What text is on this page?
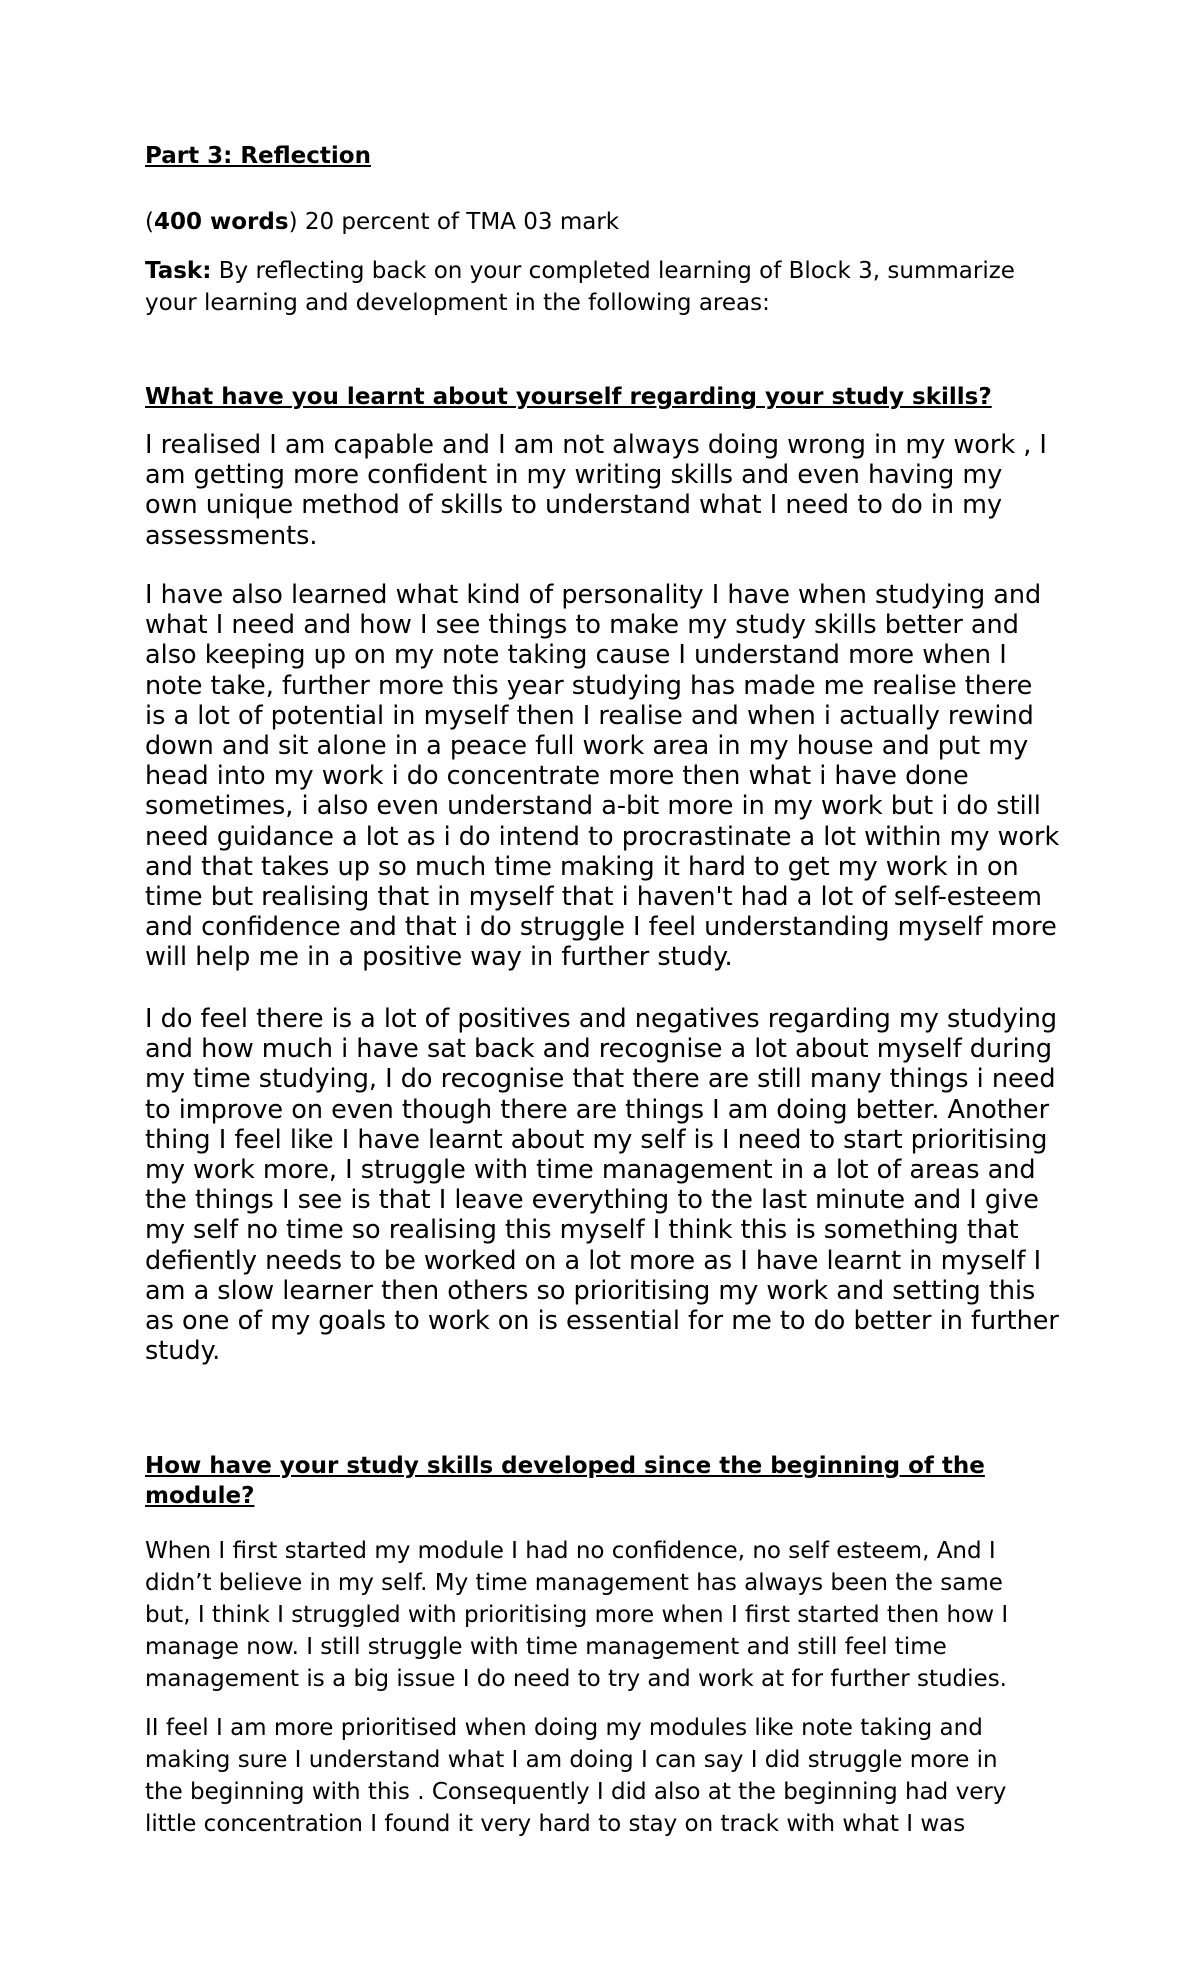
Part 3: Reflection

(400 words) 20 percent of TMA 03 mark

Task: By reflecting back on your completed learning of Block 3, summarize
your learning and development in the following areas:

What have you learnt about yourself regarding your study skills?

I realised I am capable and I am not always doing wrong in my work , I
am getting more confident in my writing skills and even having my
own unique method of skills to understand what I need to do in my
assessments.

I have also learned what kind of personality I have when studying and
what I need and how I see things to make my study skills better and
also keeping up on my note taking cause I understand more when I
note take, further more this year studying has made me realise there
is a lot of potential in myself then I realise and when i actually rewind
down and sit alone in a peace full work area in my house and put my
head into my work i do concentrate more then what i have done
sometimes, i also even understand a-bit more in my work but i do still
need guidance a lot as i do intend to procrastinate a lot within my work
and that takes up so much time making it hard to get my work in on
time but realising that in myself that i haven't had a lot of self-esteem
and confidence and that i do struggle I feel understanding myself more
will help me in a positive way in further study.

I do feel there is a lot of positives and negatives regarding my studying
and how much i have sat back and recognise a lot about myself during
my time studying, I do recognise that there are still many things i need
to improve on even though there are things I am doing better. Another
thing I feel like I have learnt about my self is I need to start prioritising
my work more, I struggle with time management in a lot of areas and
the things I see is that I leave everything to the last minute and I give
my self no time so realising this myself I think this is something that
defiently needs to be worked on a lot more as I have learnt in myself I
am a slow learner then others so prioritising my work and setting this
as one of my goals to work on is essential for me to do better in further
study.

How have your study skills developed since the beginning of the
module?

When I first started my module I had no confidence, no self esteem, And I
didn’t believe in my self. My time management has always been the same
but, I think I struggled with prioritising more when I first started then how I
manage now. I still struggle with time management and still feel time
management is a big issue I do need to try and work at for further studies.

II feel I am more prioritised when doing my modules like note taking and
making sure I understand what I am doing I can say I did struggle more in
the beginning with this . Consequently I did also at the beginning had very
little concentration I found it very hard to stay on track with what I was
